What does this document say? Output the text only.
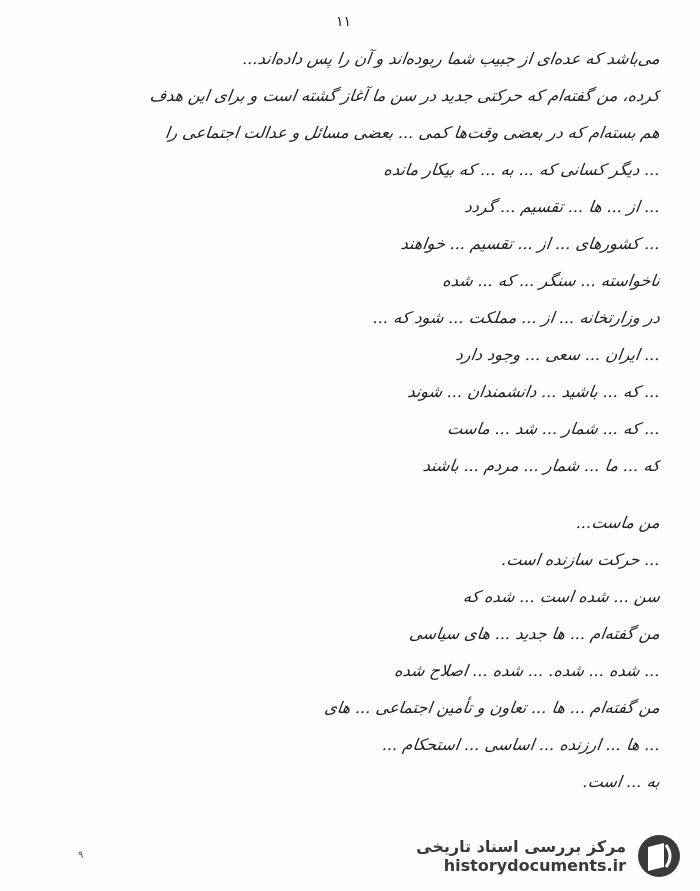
۱۱
می‌باشد که عده‌ای از جبیب شما ربوده‌اند و آن را پس داده‌اند...
کرده، من گفته‌ام که حرکتی جدید در سن ما آغاز گشته است و برای این هدف
هم بسته‌ام که در بعضی وقت‌ها کمی ... بعضی مسائل و عدالت اجتماعی را
... دیگر کسانی که ... به ... که بیکار مانده
... از ... ها ... تقسیم ... گردد
... کشورهای ... از ... تقسیم ... خواهند
ناخواسته ... سنگر ... که ... شده
در وزارتخانه ... از ... مملکت ... شود که ...
... ایران ... سعی ... وجود دارد
... که ... باشید ... دانشمندان ... شوند
... که ... شمار ... شد ... ماست
که ... ما ... شمار ... مردم ... باشند
من ماست...
... حرکت سازنده است.
سن ... شده است ... شده که
من گفته‌ام ... ها جدید ... های سیاسی
... شده ... شده. ... شده ... اصلاح شده
من گفته‌ام ... ها ... تعاون و تأمین اجتماعی ... های
... ها ... ارزنده ... اساسی ... استحکام ...
به ... است.
۹	مرکز بررسی اسناد تاریخی
historydocuments.ir
